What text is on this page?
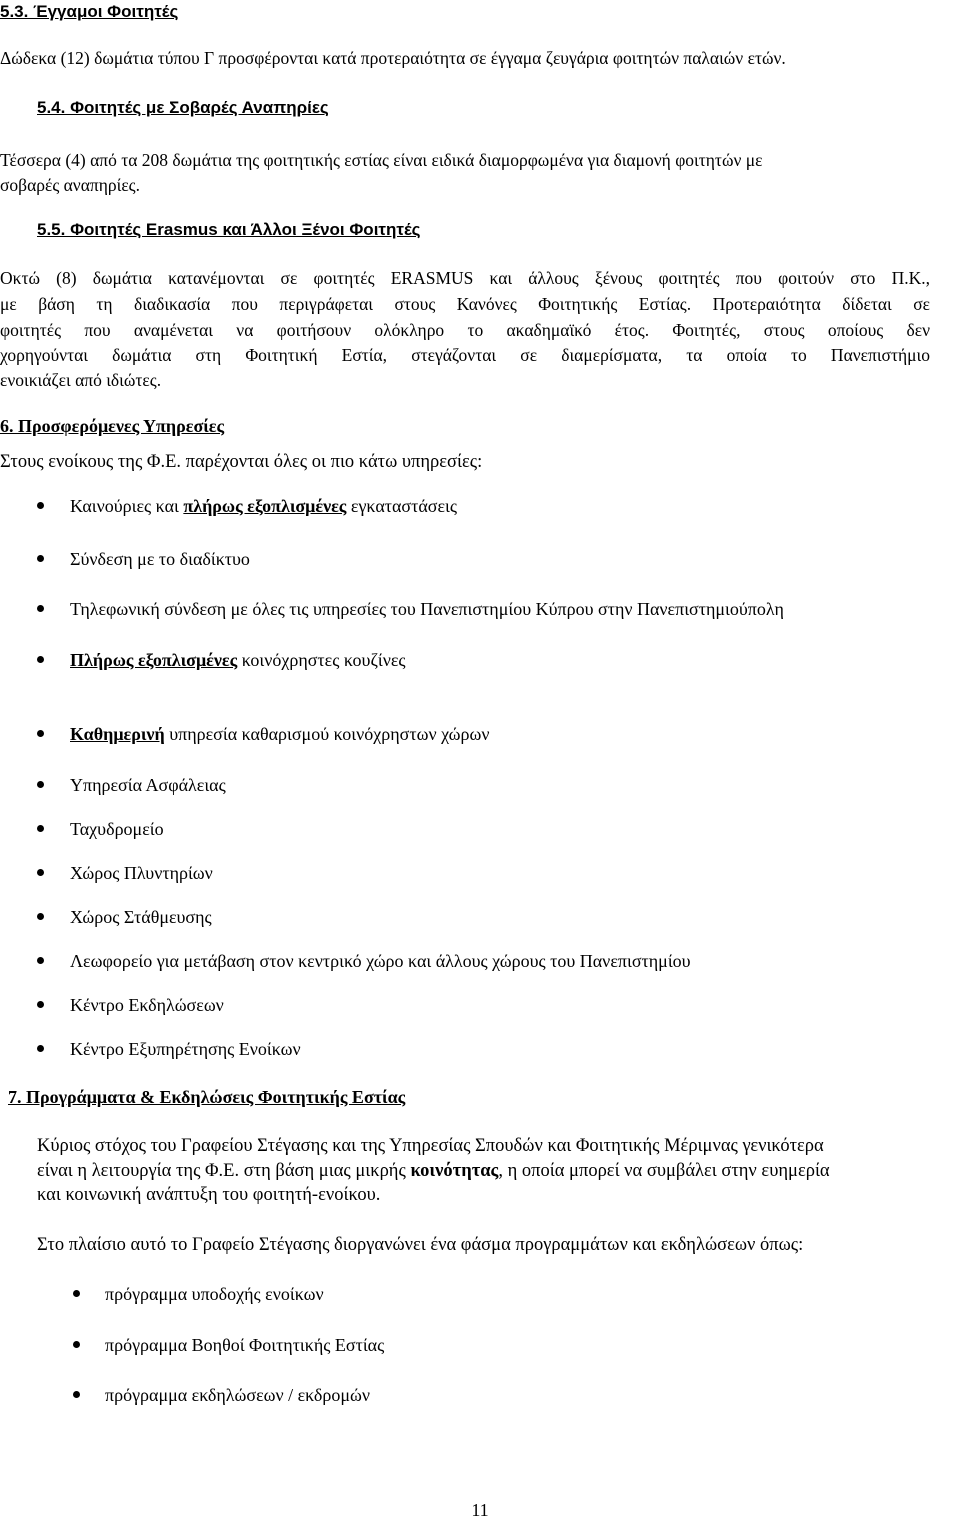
5.3. Έγγαμοι Φοιτητές
Δώδεκα (12) δωμάτια τύπου Γ προσφέρονται κατά προτεραιότητα σε έγγαμα ζευγάρια φοιτητών παλαιών ετών.
5.4. Φοιτητές με Σοβαρές Αναπηρίες
Τέσσερα (4) από τα 208 δωμάτια της φοιτητικής εστίας είναι ειδικά διαμορφωμένα για διαμονή φοιτητών με
σοβαρές αναπηρίες.
5.5. Φοιτητές Erasmus και Άλλοι Ξένοι Φοιτητές
Οκτώ (8) δωμάτια κατανέμονται σε φοιτητές ERASMUS και άλλους ξένους φοιτητές που φοιτούν στο Π.Κ.,
με βάση τη διαδικασία που περιγράφεται στους Κανόνες Φοιτητικής Εστίας. Προτεραιότητα δίδεται σε
φοιτητές που αναμένεται να φοιτήσουν ολόκληρο το ακαδημαϊκό έτος. Φοιτητές, στους οποίους δεν
χορηγούνται δωμάτια στη Φοιτητική Εστία, στεγάζονται σε διαμερίσματα, τα οποία το Πανεπιστήμιο
ενοικιάζει από ιδιώτες.
6. Προσφερόμενες Υπηρεσίες
Στους ενοίκους της Φ.Ε. παρέχονται όλες οι πιο κάτω υπηρεσίες:
Καινούριες και πλήρως εξοπλισμένες εγκαταστάσεις
Σύνδεση με το διαδίκτυο
Τηλεφωνική σύνδεση με όλες τις υπηρεσίες του Πανεπιστημίου Κύπρου στην Πανεπιστημιούπολη
Πλήρως εξοπλισμένες κοινόχρηστες κουζίνες
Καθημερινή υπηρεσία καθαρισμού κοινόχρηστων χώρων
Υπηρεσία Ασφάλειας
Ταχυδρομείο
Χώρος Πλυντηρίων
Χώρος Στάθμευσης
Λεωφορείο για μετάβαση στον κεντρικό χώρο και άλλους χώρους του Πανεπιστημίου
Κέντρο Εκδηλώσεων
Κέντρο Εξυπηρέτησης Ενοίκων
7. Προγράμματα & Εκδηλώσεις Φοιτητικής Εστίας
Κύριος στόχος του Γραφείου Στέγασης και της Υπηρεσίας Σπουδών και Φοιτητικής Μέριμνας γενικότερα
είναι η λειτουργία της Φ.Ε. στη βάση μιας μικρής κοινότητας, η οποία μπορεί να συμβάλει στην ευημερία
και κοινωνική ανάπτυξη του φοιτητή-ενοίκου.
Στο πλαίσιο αυτό το Γραφείο Στέγασης διοργανώνει ένα φάσμα προγραμμάτων και εκδηλώσεων όπως:
πρόγραμμα υποδοχής ενοίκων
πρόγραμμα Βοηθοί Φοιτητικής Εστίας
πρόγραμμα εκδηλώσεων / εκδρομών
11
